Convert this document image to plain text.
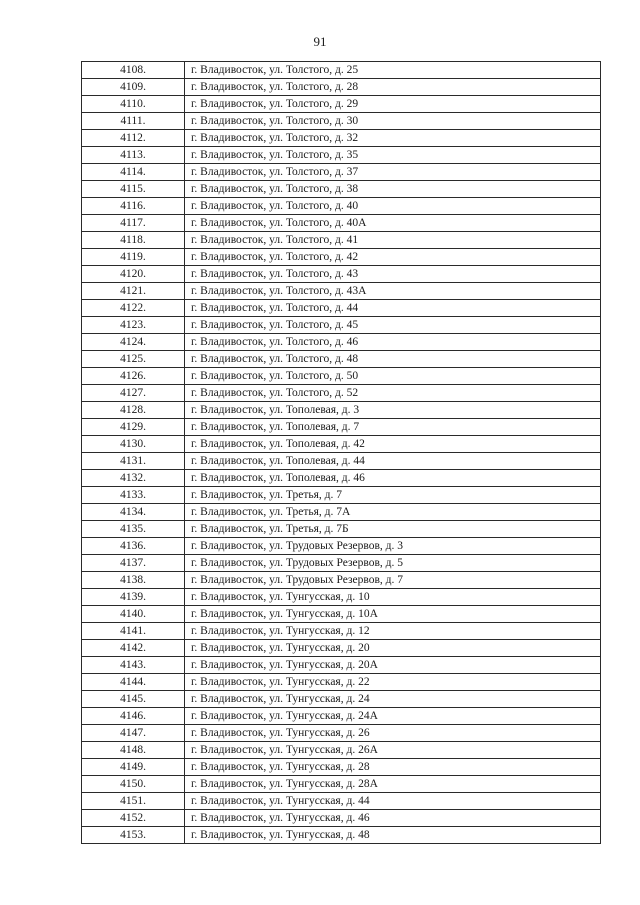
91
4108.	г. Владивосток, ул. Толстого, д. 25
4109.	г. Владивосток, ул. Толстого, д. 28
4110.	г. Владивосток, ул. Толстого, д. 29
4111.	г. Владивосток, ул. Толстого, д. 30
4112.	г. Владивосток, ул. Толстого, д. 32
4113.	г. Владивосток, ул. Толстого, д. 35
4114.	г. Владивосток, ул. Толстого, д. 37
4115.	г. Владивосток, ул. Толстого, д. 38
4116.	г. Владивосток, ул. Толстого, д. 40
4117.	г. Владивосток, ул. Толстого, д. 40А
4118.	г. Владивосток, ул. Толстого, д. 41
4119.	г. Владивосток, ул. Толстого, д. 42
4120.	г. Владивосток, ул. Толстого, д. 43
4121.	г. Владивосток, ул. Толстого, д. 43А
4122.	г. Владивосток, ул. Толстого, д. 44
4123.	г. Владивосток, ул. Толстого, д. 45
4124.	г. Владивосток, ул. Толстого, д. 46
4125.	г. Владивосток, ул. Толстого, д. 48
4126.	г. Владивосток, ул. Толстого, д. 50
4127.	г. Владивосток, ул. Толстого, д. 52
4128.	г. Владивосток, ул. Тополевая, д. 3
4129.	г. Владивосток, ул. Тополевая, д. 7
4130.	г. Владивосток, ул. Тополевая, д. 42
4131.	г. Владивосток, ул. Тополевая, д. 44
4132.	г. Владивосток, ул. Тополевая, д. 46
4133.	г. Владивосток, ул. Третья, д. 7
4134.	г. Владивосток, ул. Третья, д. 7А
4135.	г. Владивосток, ул. Третья, д. 7Б
4136.	г. Владивосток, ул. Трудовых Резервов, д. 3
4137.	г. Владивосток, ул. Трудовых Резервов, д. 5
4138.	г. Владивосток, ул. Трудовых Резервов, д. 7
4139.	г. Владивосток, ул. Тунгусская, д. 10
4140.	г. Владивосток, ул. Тунгусская, д. 10А
4141.	г. Владивосток, ул. Тунгусская, д. 12
4142.	г. Владивосток, ул. Тунгусская, д. 20
4143.	г. Владивосток, ул. Тунгусская, д. 20А
4144.	г. Владивосток, ул. Тунгусская, д. 22
4145.	г. Владивосток, ул. Тунгусская, д. 24
4146.	г. Владивосток, ул. Тунгусская, д. 24А
4147.	г. Владивосток, ул. Тунгусская, д. 26
4148.	г. Владивосток, ул. Тунгусская, д. 26А
4149.	г. Владивосток, ул. Тунгусская, д. 28
4150.	г. Владивосток, ул. Тунгусская, д. 28А
4151.	г. Владивосток, ул. Тунгусская, д. 44
4152.	г. Владивосток, ул. Тунгусская, д. 46
4153.	г. Владивосток, ул. Тунгусская, д. 48
